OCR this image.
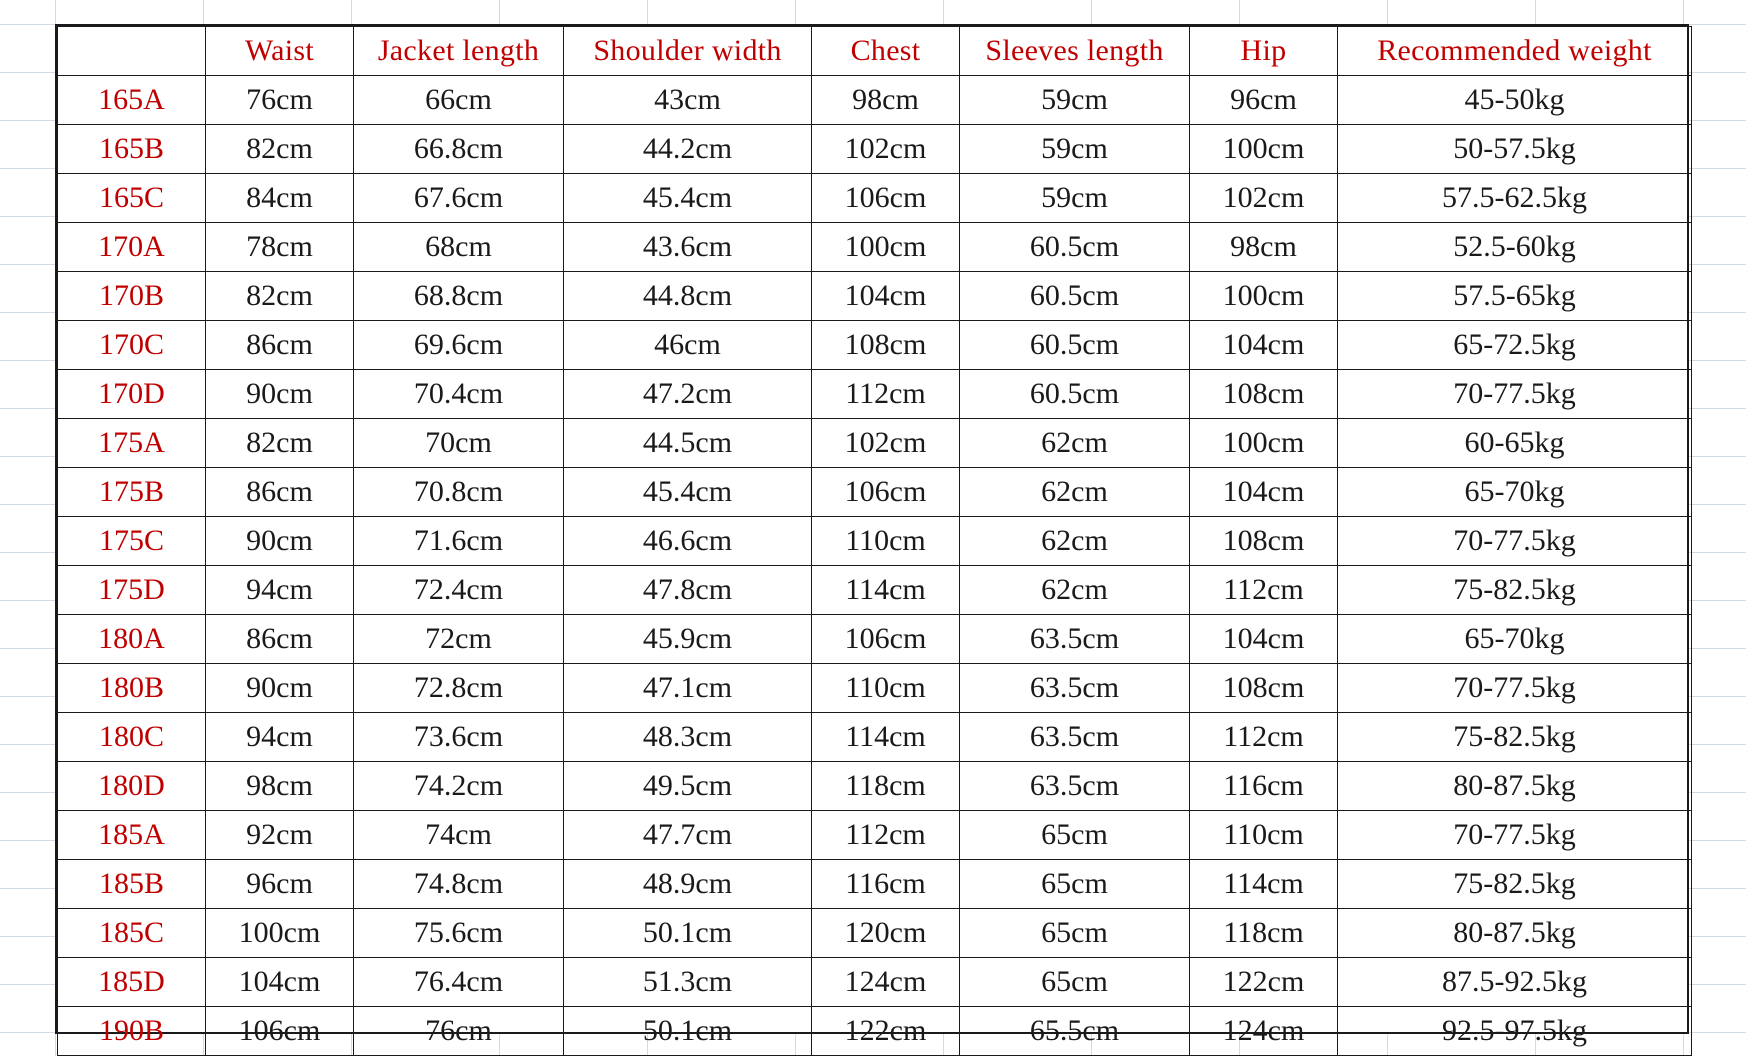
	Waist	Jacket length	Shoulder width	Chest	Sleeves length	Hip	Recommended weight
165A	76cm	66cm	43cm	98cm	59cm	96cm	45-50kg
165B	82cm	66.8cm	44.2cm	102cm	59cm	100cm	50-57.5kg
165C	84cm	67.6cm	45.4cm	106cm	59cm	102cm	57.5-62.5kg
170A	78cm	68cm	43.6cm	100cm	60.5cm	98cm	52.5-60kg
170B	82cm	68.8cm	44.8cm	104cm	60.5cm	100cm	57.5-65kg
170C	86cm	69.6cm	46cm	108cm	60.5cm	104cm	65-72.5kg
170D	90cm	70.4cm	47.2cm	112cm	60.5cm	108cm	70-77.5kg
175A	82cm	70cm	44.5cm	102cm	62cm	100cm	60-65kg
175B	86cm	70.8cm	45.4cm	106cm	62cm	104cm	65-70kg
175C	90cm	71.6cm	46.6cm	110cm	62cm	108cm	70-77.5kg
175D	94cm	72.4cm	47.8cm	114cm	62cm	112cm	75-82.5kg
180A	86cm	72cm	45.9cm	106cm	63.5cm	104cm	65-70kg
180B	90cm	72.8cm	47.1cm	110cm	63.5cm	108cm	70-77.5kg
180C	94cm	73.6cm	48.3cm	114cm	63.5cm	112cm	75-82.5kg
180D	98cm	74.2cm	49.5cm	118cm	63.5cm	116cm	80-87.5kg
185A	92cm	74cm	47.7cm	112cm	65cm	110cm	70-77.5kg
185B	96cm	74.8cm	48.9cm	116cm	65cm	114cm	75-82.5kg
185C	100cm	75.6cm	50.1cm	120cm	65cm	118cm	80-87.5kg
185D	104cm	76.4cm	51.3cm	124cm	65cm	122cm	87.5-92.5kg
190B	106cm	76cm	50.1cm	122cm	65.5cm	124cm	92.5-97.5kg
